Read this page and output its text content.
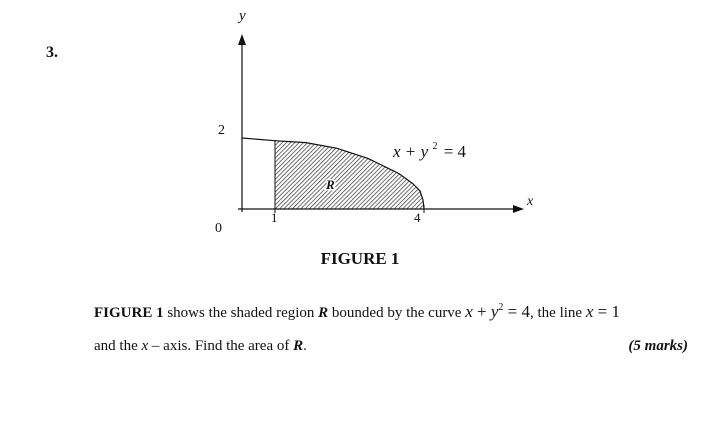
3.
y
x
0
2
1	4
R
x + y $^2$ = 4
FIGURE 1
FIGURE 1 shows the shaded region R bounded by the curve $x + y^2 = 4$, the line x = 1
and the x – axis. Find the area of R.	(5 marks)
